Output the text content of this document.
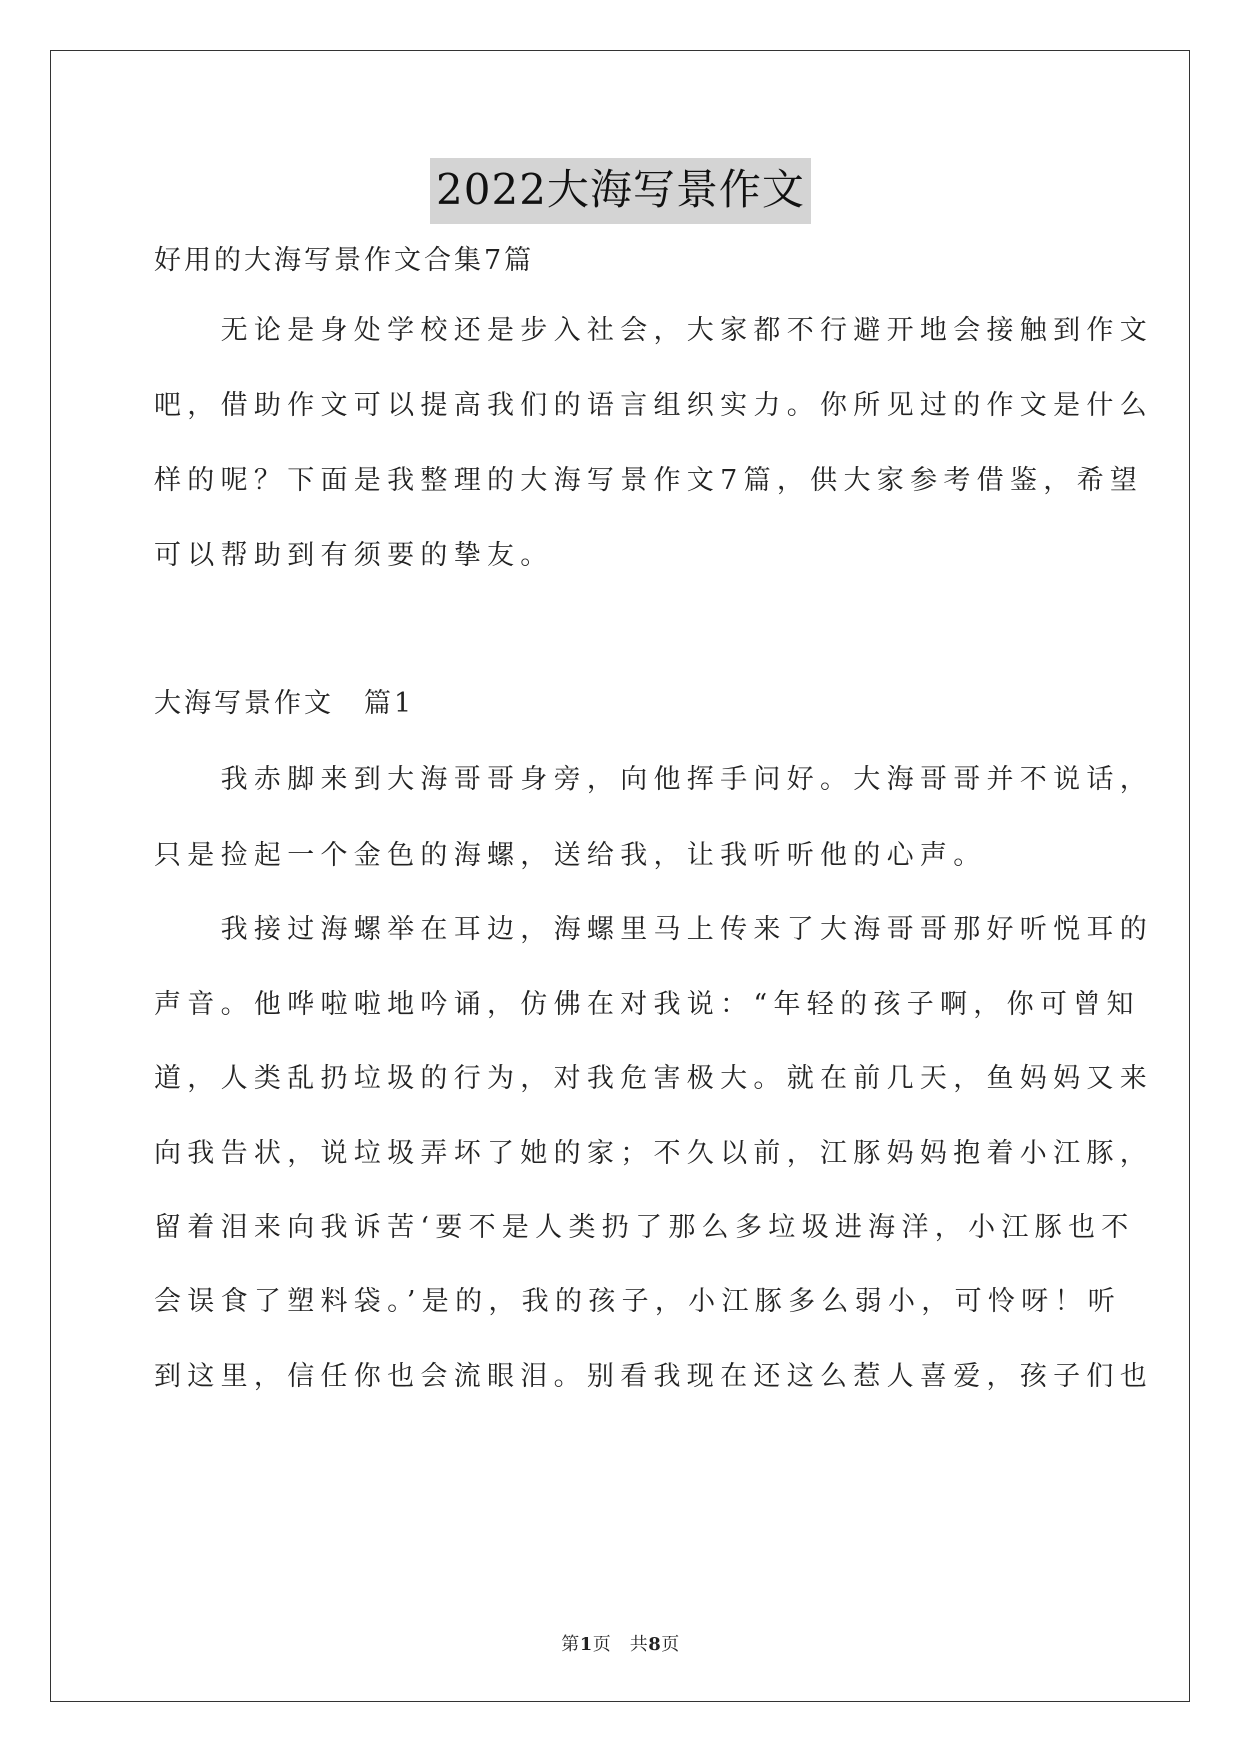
2022大海写景作文
好用的大海写景作文合集7篇
　　无论是身处学校还是步入社会，大家都不行避开地会接触到作文
吧，借助作文可以提高我们的语言组织实力。你所见过的作文是什么
样的呢？下面是我整理的大海写景作文7篇，供大家参考借鉴，希望
可以帮助到有须要的挚友。
大海写景作文　篇1
　　我赤脚来到大海哥哥身旁，向他挥手问好。大海哥哥并不说话，
只是捡起一个金色的海螺，送给我，让我听听他的心声。
　　我接过海螺举在耳边，海螺里马上传来了大海哥哥那好听悦耳的
声音。他哗啦啦地吟诵，仿佛在对我说：“年轻的孩子啊，你可曾知
道，人类乱扔垃圾的行为，对我危害极大。就在前几天，鱼妈妈又来
向我告状，说垃圾弄坏了她的家；不久以前，江豚妈妈抱着小江豚，
留着泪来向我诉苦‘要不是人类扔了那么多垃圾进海洋，小江豚也不
会误食了塑料袋。’是的，我的孩子，小江豚多么弱小，可怜呀！听
到这里，信任你也会流眼泪。别看我现在还这么惹人喜爱，孩子们也
第1页　共8页
